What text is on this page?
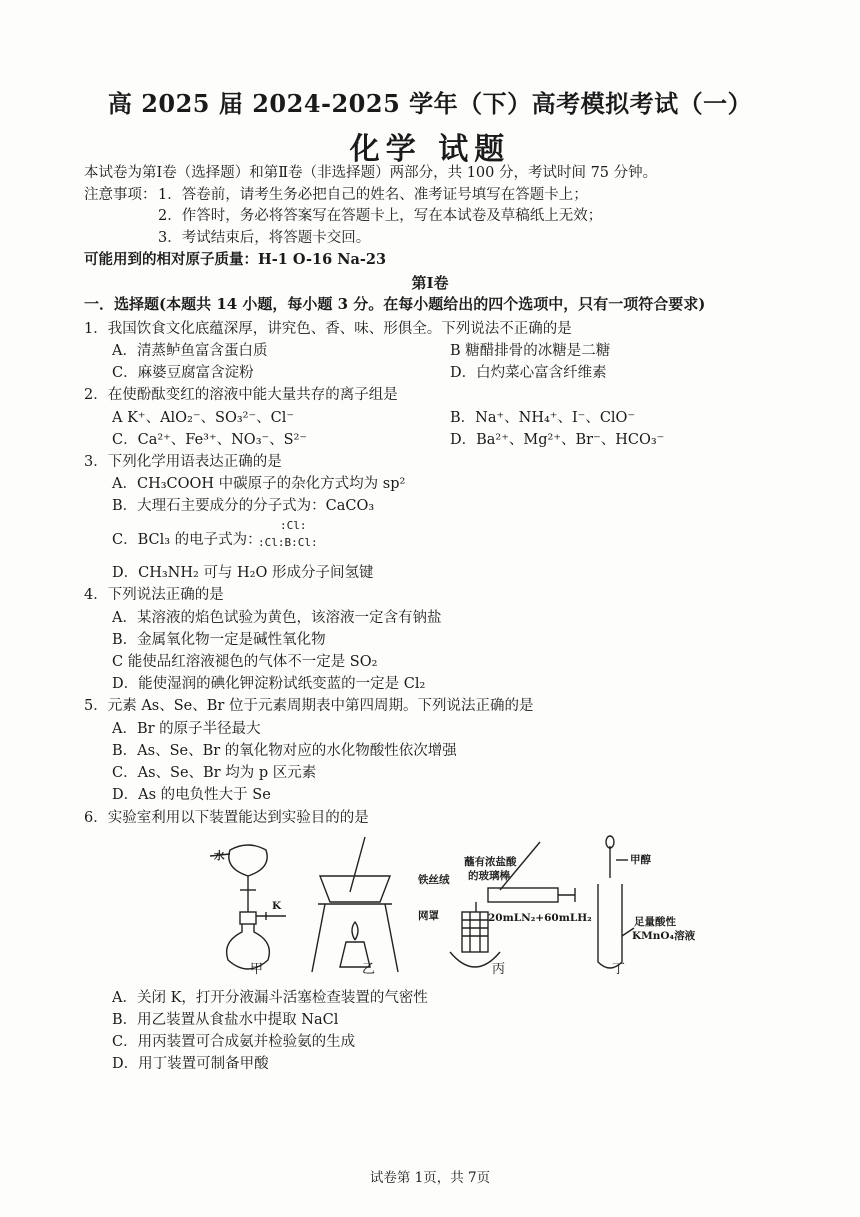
高 2025 届 2024-2025 学年（下）高考模拟考试（一）
化学 试题
本试卷为第Ⅰ卷（选择题）和第Ⅱ卷（非选择题）两部分，共 100 分，考试时间 75 分钟。
注意事项： 1．答卷前，请考生务必把自己的姓名、准考证号填写在答题卡上；
2．作答时，务必将答案写在答题卡上，写在本试卷及草稿纸上无效；
3．考试结束后，将答题卡交回。
可能用到的相对原子质量：H-1 O-16 Na-23
第Ⅰ卷
一．选择题(本题共 14 小题，每小题 3 分。在每小题给出的四个选项中，只有一项符合要求)
1．我国饮食文化底蕴深厚，讲究色、香、味、形俱全。下列说法不正确的是
A．清蒸鲈鱼富含蛋白质	B 糖醋排骨的冰糖是二糖
C．麻婆豆腐富含淀粉	D．白灼菜心富含纤维素
2．在使酚酞变红的溶液中能大量共存的离子组是
A K⁺、AlO₂⁻、SO₃²⁻、Cl⁻	B．Na⁺、NH₄⁺、I⁻、ClO⁻
C．Ca²⁺、Fe³⁺、NO₃⁻、S²⁻	D．Ba²⁺、Mg²⁺、Br⁻、HCO₃⁻
3．下列化学用语表达正确的是
A．CH₃COOH 中碳原子的杂化方式均为 sp²
B．大理石主要成分的分子式为：CaCO₃
C．BCl₃ 的电子式为：
:Cl:
:Cl:B:Cl:
D．CH₃NH₂ 可与 H₂O 形成分子间氢键
4．下列说法正确的是
A．某溶液的焰色试验为黄色，该溶液一定含有钠盐
B．金属氧化物一定是碱性氧化物
C 能使品红溶液褪色的气体不一定是 SO₂
D．能使湿润的碘化钾淀粉试纸变蓝的一定是 Cl₂
5．元素 As、Se、Br 位于元素周期表中第四周期。下列说法正确的是
A．Br 的原子半径最大
B．As、Se、Br 的氧化物对应的水化物酸性依次增强
C．As、Se、Br 均为 p 区元素
D．As 的电负性大于 Se
6．实验室利用以下装置能达到实验目的的是
水
K
蘸有浓盐酸
的玻璃棒
铁丝绒
网罩	20mLN₂+60mLH₂
甲醇
足量酸性
KMnO₄溶液
甲	乙	丙	丁
A．关闭 K，打开分液漏斗活塞检查装置的气密性
B．用乙装置从食盐水中提取 NaCl
C．用丙装置可合成氨并检验氨的生成
D．用丁装置可制备甲酸
试卷第 1页，共 7页
